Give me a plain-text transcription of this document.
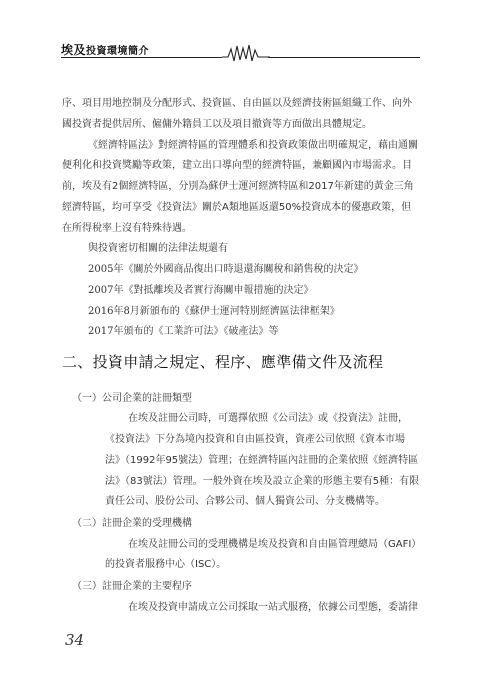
埃及投資環境簡介
序、項目用地控制及分配形式、投資區、自由區以及經濟技術區組織工作、向外
國投資者提供居所、僱傭外籍員工以及項目撤資等方面做出具體規定。
《經濟特區法》對經濟特區的管理體系和投資政策做出明確規定，藉由通關
便利化和投資獎勵等政策，建立出口導向型的經濟特區，兼顧國內市場需求。目
前，埃及有2個經濟特區，分別為蘇伊士運河經濟特區和2017年新建的黃金三角
經濟特區，均可享受《投資法》關於A類地區返還50%投資成本的優惠政策，但
在所得稅率上沒有特殊待遇。
與投資密切相關的法律法規還有
2005年《關於外國商品復出口時退還海關稅和銷售稅的決定》
2007年《對抵離埃及者實行海關申報措施的決定》
2016年8月新頒布的《蘇伊士運河特別經濟區法律框架》
2017年頒布的《工業許可法》《破產法》等
二、投資申請之規定、程序、應準備文件及流程
（一）公司企業的註冊類型
在埃及註冊公司時，可選擇依照《公司法》或《投資法》註冊，
《投資法》下分為境內投資和自由區投資，資產公司依照《資本市場
法》（1992年95號法）管理；在經濟特區內註冊的企業依照《經濟特區
法》（83號法）管理。一般外資在埃及設立企業的形態主要有5種：有限
責任公司、股份公司、合夥公司、個人獨資公司、分支機構等。
（二）註冊企業的受理機構
在埃及註冊公司的受理機構是埃及投資和自由區管理總局（GAFI）
的投資者服務中心（ISC）。
（三）註冊企業的主要程序
在埃及投資申請成立公司採取一站式服務，依據公司型態，委請律
34
